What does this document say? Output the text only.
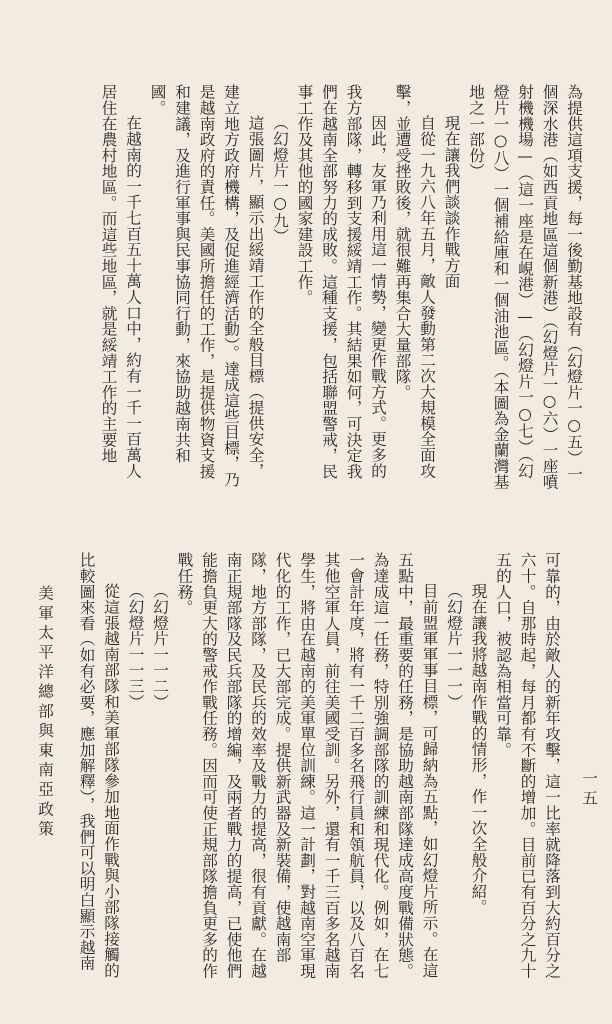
美軍太平洋總部與東南亞政策	一五

為提供這項支援，每一後勤基地設有（幻燈片一○五）一個深水港（如西貢地區這個新港）（幻燈片一○六）一座噴射機機場—（這一座是在峴港）—（幻燈片一○七）（幻燈片一○八）一個補給庫和一個油池區。（本圖為金蘭灣基地之一部份）

現在讓我們談談作戰方面

自從一九六八年五月，敵人發動第二次大規模全面攻擊，並遭受挫敗後，就很難再集合大量部隊。

因此，友軍乃利用這一情勢，變更作戰方式。更多的我方部隊，轉移到支援綏靖工作。其結果如何，可決定我們在越南全部努力的成敗。這種支援，包括聯盟警戒，民事工作及其他的國家建設工作。

（幻燈片一○九）

這張圖片，顯示出綏靖工作的全般目標（提供安全，建立地方政府機構，及促進經濟活動）。達成這些目標，乃是越南政府的責任。美國所擔任的工作，是提供物資支援和建議，及進行軍事與民事協同行動，來協助越南共和國。

在越南的一千七百五十萬人口中，約有一千一百萬人居住在農村地區。而這些地區，就是綏靖工作的主要地

可靠的，由於敵人的新年攻擊，這一比率就降落到大約百分之六十。自那時起，每月都有不斷的增加。目前已有百分之九十五的人口，被認為相當可靠。

現在讓我將越南作戰的情形，作一次全般介紹。

（幻燈片一一一）

目前盟軍軍事目標，可歸納為五點，如幻燈片所示。在這五點中，最重要的任務，是協助越南部隊達成高度戰備狀態。為達成這一任務，特別強調部隊的訓練和現代化。例如，在七一會計年度，將有一千二百多名飛行員和領航員，以及八百名其他空軍人員，前往美國受訓。另外，還有一千三百多名越南學生，將由在越南的美軍單位訓練。這一計劃，對越南空軍現代化的工作，已大部完成。提供新武器及新裝備，使越南部隊，地方部隊，及民兵的效率及戰力的提高，很有貢獻。在越南正規部隊及民兵部隊的增編，及兩者戰力的提高，已使他們能擔負更大的警戒作戰任務。因而可使正規部隊擔負更多的作戰任務。

（幻燈片一一二）

（幻燈片一一三）

從這張越南部隊和美軍部隊參加地面作戰與小部隊接觸的比較圖來看（如有必要，應加解釋），我們可以明白顯示越南
